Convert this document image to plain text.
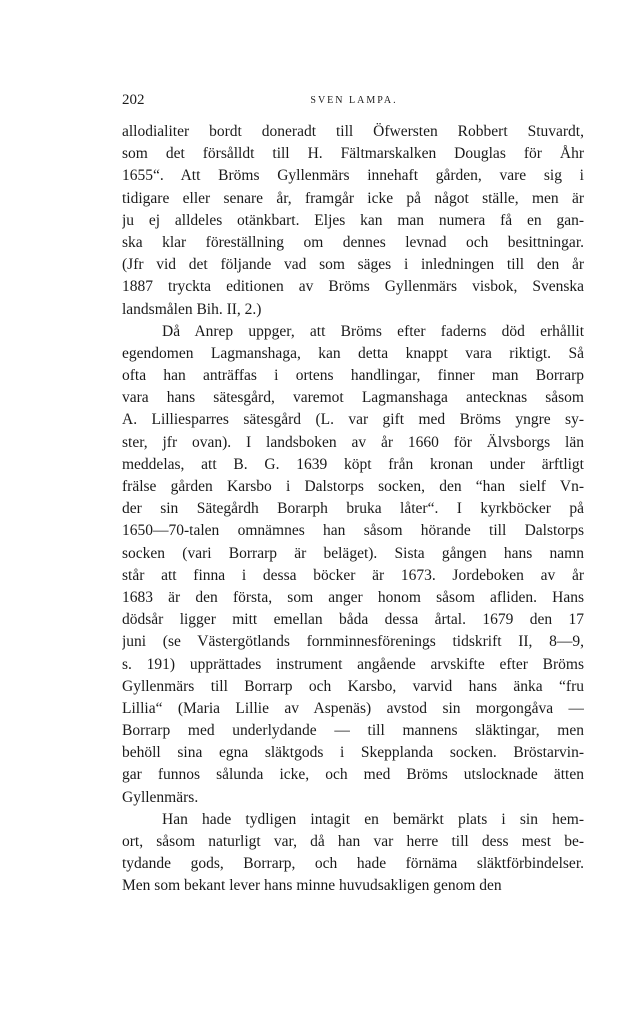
202	SVEN LAMPA.
allodialiter bordt doneradt till Öfwersten Robbert Stuvardt,
som det försålldt till H. Fältmarskalken Douglas för Åhr
1655“. Att Bröms Gyllenmärs innehaft gården, vare sig i
tidigare eller senare år, framgår icke på något ställe, men är
ju ej alldeles otänkbart. Eljes kan man numera få en gan-
ska klar föreställning om dennes levnad och besittningar.
(Jfr vid det följande vad som säges i inledningen till den år
1887 tryckta editionen av Bröms Gyllenmärs visbok, Svenska
landsmålen Bih. II, 2.)
Då Anrep uppger, att Bröms efter faderns död erhållit
egendomen Lagmanshaga, kan detta knappt vara riktigt. Så
ofta han anträffas i ortens handlingar, finner man Borrarp
vara hans sätesgård, varemot Lagmanshaga antecknas såsom
A. Lilliesparres sätesgård (L. var gift med Bröms yngre sy-
ster, jfr ovan). I landsboken av år 1660 för Älvsborgs län
meddelas, att B. G. 1639 köpt från kronan under ärftligt
frälse gården Karsbo i Dalstorps socken, den “han sielf Vn-
der sin Sätegårdh Borarph bruka låter“. I kyrkböcker på
1650—70-talen omnämnes han såsom hörande till Dalstorps
socken (vari Borrarp är beläget). Sista gången hans namn
står att finna i dessa böcker är 1673. Jordeboken av år
1683 är den första, som anger honom såsom afliden. Hans
dödsår ligger mitt emellan båda dessa årtal. 1679 den 17
juni (se Västergötlands fornminnesförenings tidskrift II, 8—9,
s. 191) upprättades instrument angående arvskifte efter Bröms
Gyllenmärs till Borrarp och Karsbo, varvid hans änka “fru
Lillia“ (Maria Lillie av Aspenäs) avstod sin morgongåva —
Borrarp med underlydande — till mannens släktingar, men
behöll sina egna släktgods i Skepplanda socken. Bröstarvin-
gar funnos sålunda icke, och med Bröms utslocknade ätten
Gyllenmärs.
Han hade tydligen intagit en bemärkt plats i sin hem-
ort, såsom naturligt var, då han var herre till dess mest be-
tydande gods, Borrarp, och hade förnäma släktförbindelser.
Men som bekant lever hans minne huvudsakligen genom den
